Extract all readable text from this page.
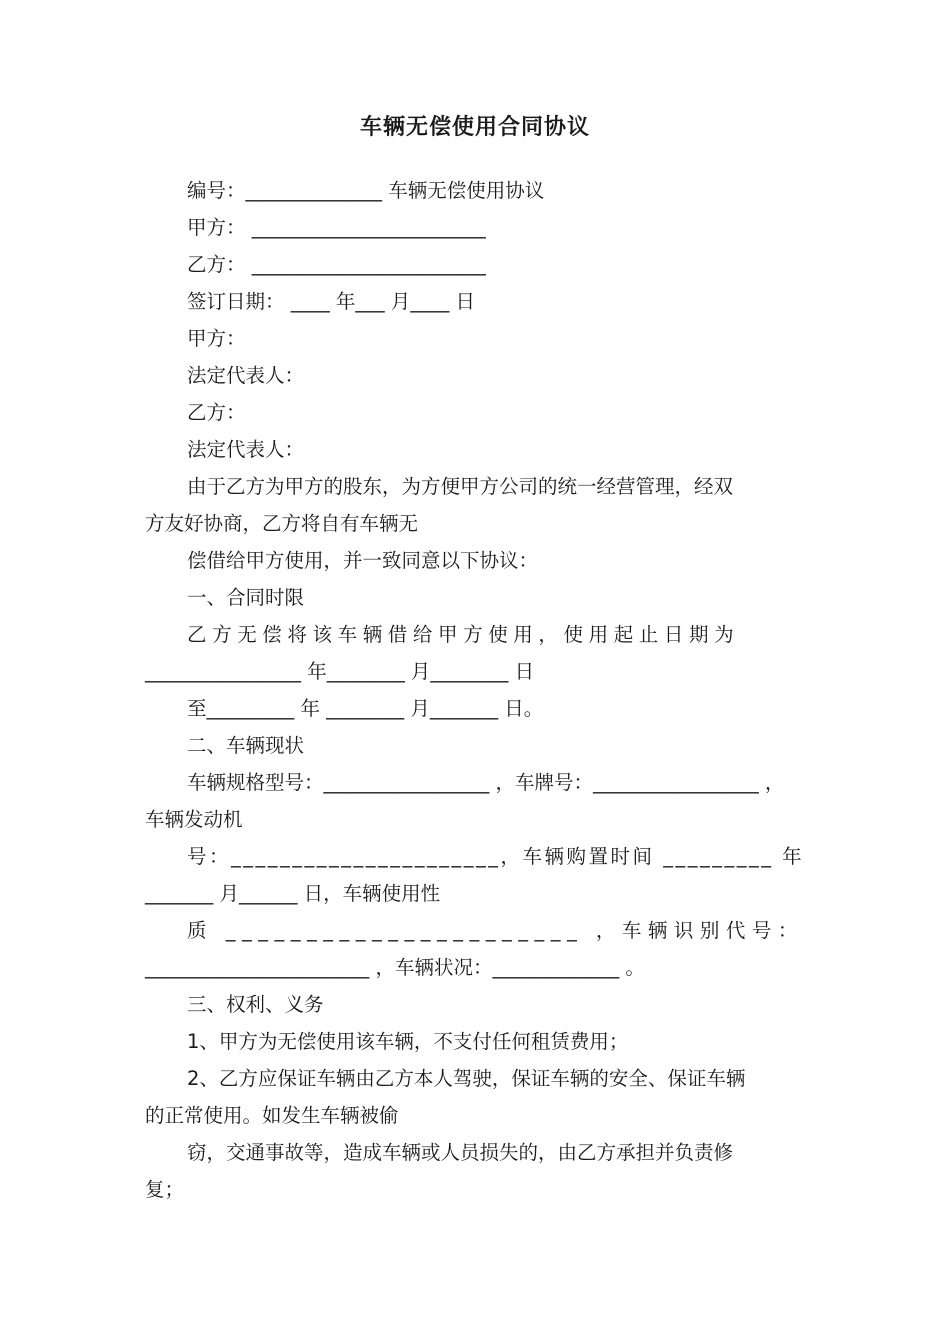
车辆无偿使用合同协议
编号：______________ 车辆无偿使用协议
甲方： ________________________
乙方： ________________________
签订日期： ____ 年___ 月____ 日
甲方：
法定代表人：
乙方：
法定代表人：
由于乙方为甲方的股东，为方便甲方公司的统一经营管理，经双
方友好协商，乙方将自有车辆无
偿借给甲方使用，并一致同意以下协议：
一、合同时限
乙方无偿将该车辆借给甲方使用，使用起止日期为
________________ 年________ 月________ 日
至_________ 年 ________ 月_______ 日。
二、车辆现状
车辆规格型号：_________________ ，车牌号：_________________ ，
车辆发动机
号：______________________，车辆购置时间 _________ 年
_______ 月______ 日，车辆使用性
质 ______________________ ，车辆识别代号：
_______________________ ，车辆状况：_____________ 。
三、权利、义务
1、甲方为无偿使用该车辆，不支付任何租赁费用；
2、乙方应保证车辆由乙方本人驾驶，保证车辆的安全、保证车辆
的正常使用。如发生车辆被偷
窃，交通事故等，造成车辆或人员损失的，由乙方承担并负责修
复；
